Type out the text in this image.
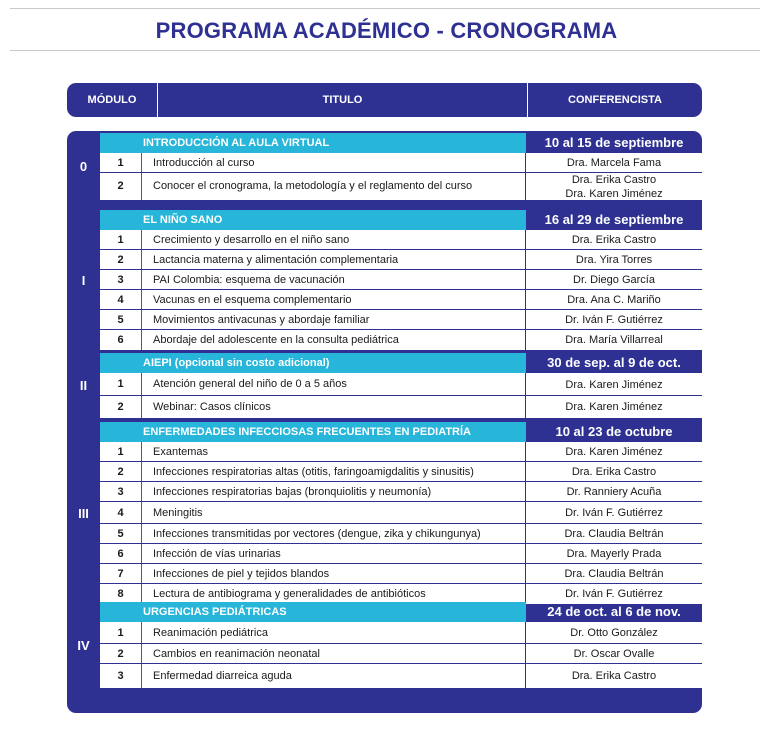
PROGRAMA ACADÉMICO - CRONOGRAMA
MÓDULO	TITULO	CONFERENCISTA
0
INTRODUCCIÓN AL AULA VIRTUAL	10 al 15 de septiembre
1	Introducción al curso	Dra. Marcela Fama
2	Conocer el cronograma, la metodología y el reglamento del curso	Dra. Erika Castro
Dra. Karen Jiménez
I
EL NIÑO SANO	16 al 29 de septiembre
1	Crecimiento y desarrollo en el niño sano	Dra. Erika Castro
2	Lactancia materna y alimentación complementaria	Dra. Yira Torres
3	PAI Colombia: esquema de vacunación	Dr. Diego García
4	Vacunas en el esquema complementario	Dra. Ana C. Mariño
5	Movimientos antivacunas y abordaje familiar	Dr. Iván F. Gutiérrez
6	Abordaje del adolescente en la consulta pediátrica	Dra. María Villarreal
II
AIEPI (opcional sin costo adicional)	30 de sep. al 9 de oct.
1	Atención general del niño de 0 a 5 años	Dra. Karen Jiménez
2	Webinar: Casos clínicos	Dra. Karen Jiménez
III
ENFERMEDADES INFECCIOSAS FRECUENTES EN PEDIATRÍA	10 al 23 de octubre
1	Exantemas	Dra. Karen Jiménez
2	Infecciones respiratorias altas (otitis, faringoamigdalitis y sinusitis)	Dra. Erika Castro
3	Infecciones respiratorias bajas (bronquiolitis y neumonía)	Dr. Ranniery Acuña
4	Meningitis	Dr. Iván F. Gutiérrez
5	Infecciones transmitidas por vectores (dengue, zika y chikungunya)	Dra. Claudia Beltrán
6	Infección de vías urinarias	Dra. Mayerly Prada
7	Infecciones de piel y tejidos blandos	Dra. Claudia Beltrán
8	Lectura de antibiograma y generalidades de antibióticos	Dr. Iván F. Gutiérrez
IV
URGENCIAS PEDIÁTRICAS	24 de oct. al 6 de nov.
1	Reanimación pediátrica	Dr. Otto González
2	Cambios en reanimación neonatal	Dr. Oscar Ovalle
3	Enfermedad diarreica aguda	Dra. Erika Castro
